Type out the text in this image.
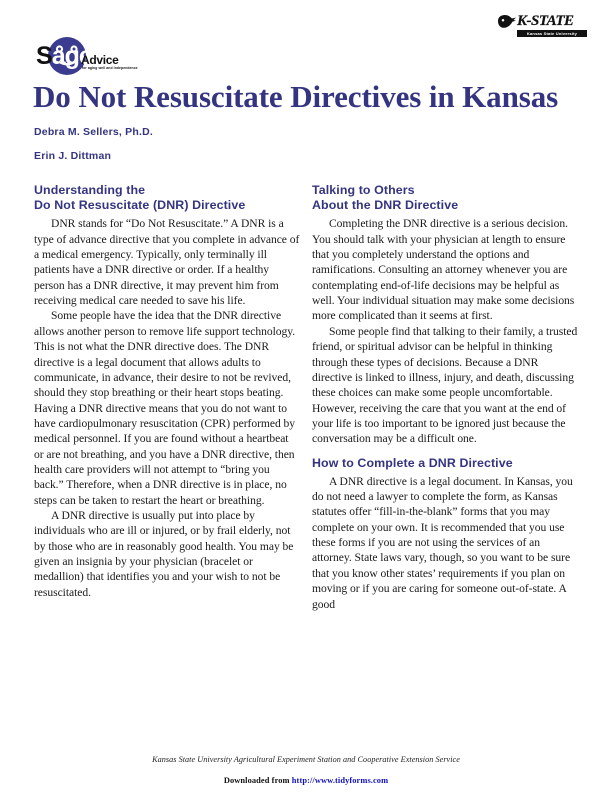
K-STATE
Kansas State University
Sage
Advice
for aging well and independence
Do Not Resuscitate Directives in Kansas
Debra M. Sellers, Ph.D.
Erin J. Dittman
Understanding the
Do Not Resuscitate (DNR) Directive

DNR stands for “Do Not Resuscitate.” A DNR is a type of advance directive that you complete in advance of a medical emergency. Typically, only terminally ill patients have a DNR directive or order. If a healthy person has a DNR directive, it may prevent him from receiving medical care needed to save his life.

Some people have the idea that the DNR directive allows another person to remove life support technology. This is not what the DNR directive does. The DNR directive is a legal document that allows adults to communicate, in advance, their desire to not be revived, should they stop breathing or their heart stops beating. Having a DNR directive means that you do not want to have cardiopulmonary resuscitation (CPR) performed by medical personnel. If you are found without a heartbeat or are not breathing, and you have a DNR directive, then health care providers will not attempt to “bring you back.” Therefore, when a DNR directive is in place, no steps can be taken to restart the heart or breathing.

A DNR directive is usually put into place by individuals who are ill or injured, or by frail elderly, not by those who are in reasonably good health. You may be given an insignia by your physician (bracelet or medallion) that identifies you and your wish to not be resuscitated.

Talking to Others
About the DNR Directive

Completing the DNR directive is a serious decision. You should talk with your physician at length to ensure that you completely understand the options and ramifications. Consulting an attorney whenever you are contemplating end-of-life decisions may be helpful as well. Your individual situation may make some decisions more complicated than it seems at first.

Some people find that talking to their family, a trusted friend, or spiritual advisor can be helpful in thinking through these types of decisions. Because a DNR directive is linked to illness, injury, and death, discussing these choices can make some people uncomfortable. However, receiving the care that you want at the end of your life is too important to be ignored just because the conversation may be a difficult one.

How to Complete a DNR Directive

A DNR directive is a legal document. In Kansas, you do not need a lawyer to complete the form, as Kansas statutes offer “fill-in-the-blank” forms that you may complete on your own. It is recommended that you use these forms if you are not using the services of an attorney. State laws vary, though, so you want to be sure that you know other states’ requirements if you plan on moving or if you are caring for someone out-of-state. A good

Kansas State University Agricultural Experiment Station and Cooperative Extension Service
Downloaded from http://www.tidyforms.com
